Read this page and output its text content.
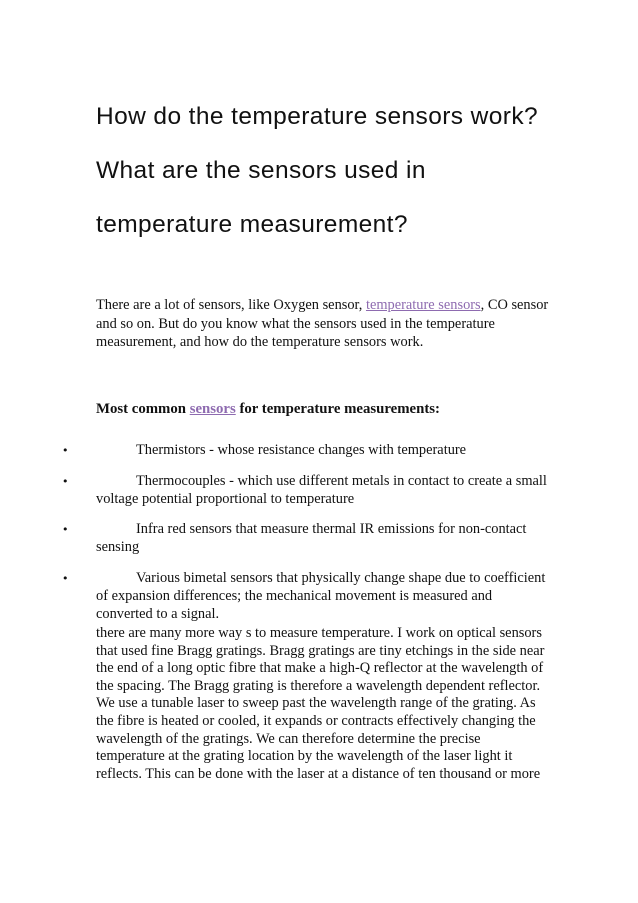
How do the temperature sensors work? What are the sensors used in temperature measurement?

There are a lot of sensors, like Oxygen sensor, temperature sensors, CO sensor and so on. But do you know what the sensors used in the temperature measurement, and how do the temperature sensors work.

Most common sensors for temperature measurements:

•	Thermistors - whose resistance changes with temperature
•	Thermocouples - which use different metals in contact to create a small voltage potential proportional to temperature
•	Infra red sensors that measure thermal IR emissions for non-contact sensing
•	Various bimetal sensors that physically change shape due to coefficient of expansion differences; the mechanical movement is measured and converted to a signal.

there are many more way s to measure temperature. I work on optical sensors that used fine Bragg gratings. Bragg gratings are tiny etchings in the side near the end of a long optic fibre that make a high-Q reflector at the wavelength of the spacing. The Bragg grating is therefore a wavelength dependent reflector. We use a tunable laser to sweep past the wavelength range of the grating. As the fibre is heated or cooled, it expands or contracts effectively changing the wavelength of the gratings. We can therefore determine the precise temperature at the grating location by the wavelength of the laser light it reflects. This can be done with the laser at a distance of ten thousand or more
